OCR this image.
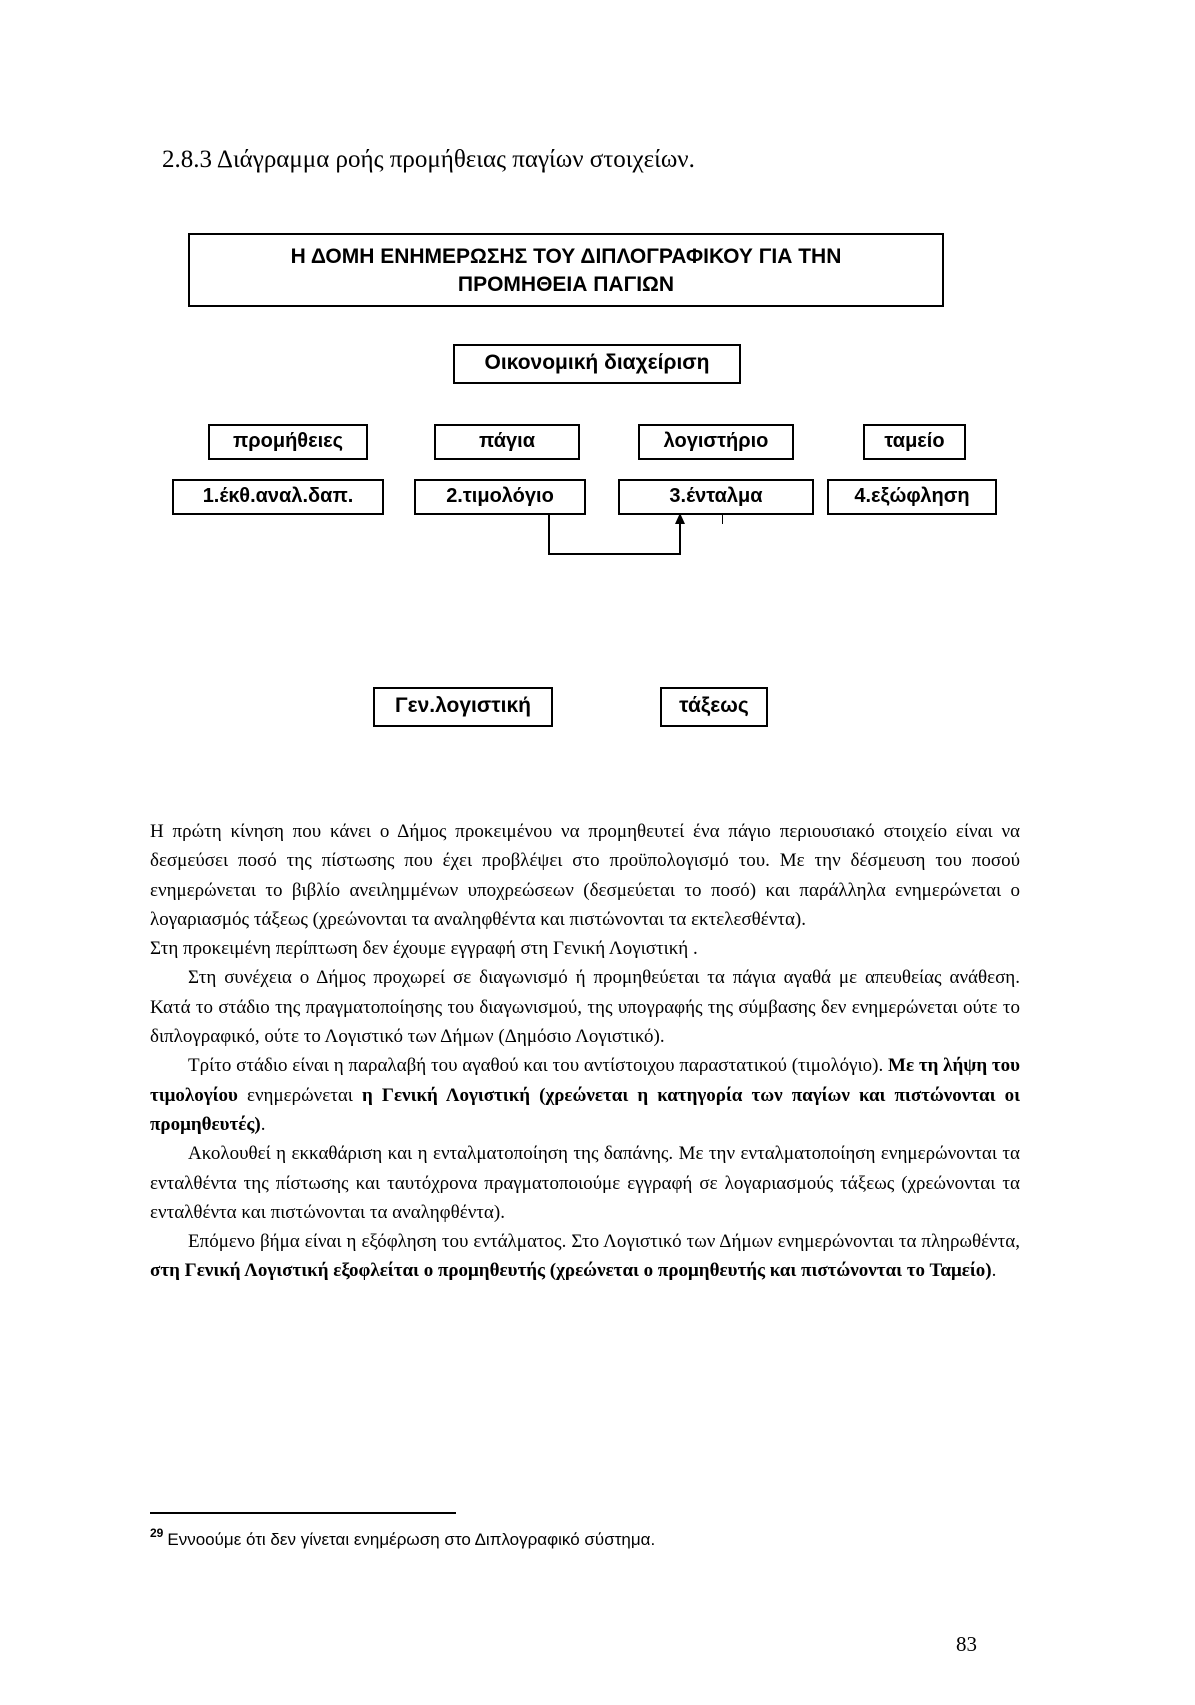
2.8.3 Διάγραμμα ροής προμήθειας παγίων στοιχείων.
Η ΔΟΜΗ ΕΝΗΜΕΡΩΣΗΣ ΤΟΥ ΔΙΠΛΟΓΡΑΦΙΚΟΥ ΓΙΑ ΤΗΝ
ΠΡΟΜΗΘΕΙΑ ΠΑΓΙΩΝ
Οικονομική διαχείριση
προμήθειες	πάγια	λογιστήριο	ταμείο
1.έκθ.αναλ.δαπ.	2.τιμολόγιο	3.ένταλμα	4.εξώφληση
Γεν.λογιστική	τάξεως

Η πρώτη κίνηση που κάνει ο Δήμος προκειμένου να προμηθευτεί ένα πάγιο περιουσιακό στοιχείο είναι να δεσμεύσει ποσό της πίστωσης που έχει προβλέψει στο προϋπολογισμό του. Με την δέσμευση του ποσού ενημερώνεται το βιβλίο ανειλημμένων υποχρεώσεων (δεσμεύεται το ποσό) και παράλληλα ενημερώνεται ο λογαριασμός τάξεως (χρεώνονται τα αναληφθέντα και πιστώνονται τα εκτελεσθέντα).

Στη προκειμένη περίπτωση δεν έχουμε εγγραφή στη Γενική Λογιστική .

Στη συνέχεια ο Δήμος προχωρεί σε διαγωνισμό ή προμηθεύεται τα πάγια αγαθά με απευθείας ανάθεση. Κατά το στάδιο της πραγματοποίησης του διαγωνισμού, της υπογραφής της σύμβασης δεν ενημερώνεται ούτε το διπλογραφικό, ούτε το Λογιστικό των Δήμων (Δημόσιο Λογιστικό).

Τρίτο στάδιο είναι η παραλαβή του αγαθού και του αντίστοιχου παραστατικού (τιμολόγιο). Με τη λήψη του τιμολογίου ενημερώνεται η Γενική Λογιστική (χρεώνεται η κατηγορία των παγίων και πιστώνονται οι προμηθευτές).

Ακολουθεί η εκκαθάριση και η ενταλματοποίηση της δαπάνης. Με την ενταλματοποίηση ενημερώνονται τα ενταλθέντα της πίστωσης και ταυτόχρονα πραγματοποιούμε εγγραφή σε λογαριασμούς τάξεως (χρεώνονται τα ενταλθέντα και πιστώνονται τα αναληφθέντα).

Επόμενο βήμα είναι η εξόφληση του εντάλματος. Στο Λογιστικό των Δήμων ενημερώνονται τα πληρωθέντα, στη Γενική Λογιστική εξοφλείται ο προμηθευτής (χρεώνεται ο προμηθευτής και πιστώνονται το Ταμείο).

$^{29}$ Εννοούμε ότι δεν γίνεται ενημέρωση στο Διπλογραφικό σύστημα.
83
